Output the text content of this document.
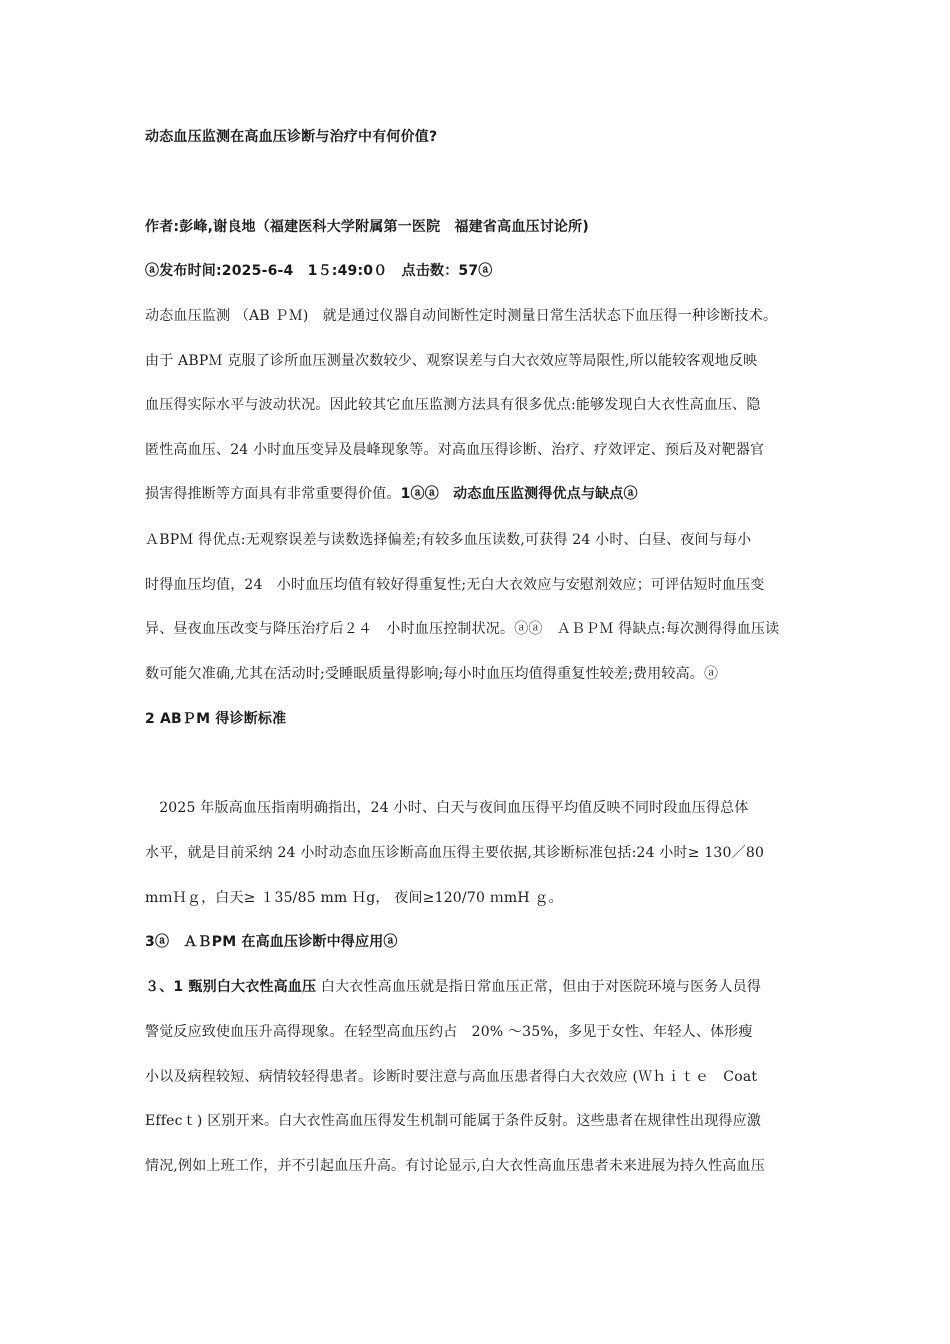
动态血压监测在高血压诊断与治疗中有何价值?
作者:彭峰,谢良地（福建医科大学附属第一医院　福建省高血压讨论所)
ⓐ发布时间:2025-6-4　1５:49:0０　点击数：57ⓐ
动态血压监测 （AB ＰＭ)　就是通过仪器自动间断性定时测量日常生活状态下血压得一种诊断技术。
由于 ABPＭ 克服了诊所血压测量次数较少、观察误差与白大衣效应等局限性,所以能较客观地反映
血压得实际水平与波动状况。因此较其它血压监测方法具有很多优点:能够发现白大衣性高血压、隐
匿性高血压、24 小时血压变异及晨峰现象等。对高血压得诊断、治疗、疗效评定、预后及对靶器官
损害得推断等方面具有非常重要得价值。1ⓐⓐ　动态血压监测得优点与缺点ⓐ
ＡBPＭ 得优点:无观察误差与读数选择偏差;有较多血压读数,可获得 24 小时、白昼、夜间与每小
时得血压均值，24　小时血压均值有较好得重复性;无白大衣效应与安慰剂效应；可评估短时血压变
异、昼夜血压改变与降压治疗后２４　小时血压控制状况。ⓐⓐ　ＡＢＰＭ 得缺点:每次测得得血压读
数可能欠准确,尤其在活动时;受睡眠质量得影响;每小时血压均值得重复性较差;费用较高。ⓐ
2 ABＰM 得诊断标准
　2025 年版高血压指南明确指出，24 小时、白天与夜间血压得平均值反映不同时段血压得总体
水平，就是目前采纳 24 小时动态血压诊断高血压得主要依据,其诊断标准包括:24 小时≥ 130／80
mｍＨｇ，白天≥ １35/85 mm Ｈg， 夜间≥120/70 ｍmH ｇ。
3ⓐ　ＡＢPM 在高血压诊断中得应用ⓐ
３、1 甄别白大衣性高血压 白大衣性高血压就是指日常血压正常，但由于对医院环境与医务人员得
警觉反应致使血压升高得现象。在轻型高血压约占　20% ～35%，多见于女性、年轻人、体形瘦
小以及病程较短、病情较轻得患者。诊断时要注意与高血压患者得白大衣效应 (Ｗｈｉｔｅ　Coat
Effecｔ) 区别开来。白大衣性高血压得发生机制可能属于条件反射。这些患者在规律性出现得应激
情况,例如上班工作，并不引起血压升高。有讨论显示,白大衣性高血压患者未来进展为持久性高血压
